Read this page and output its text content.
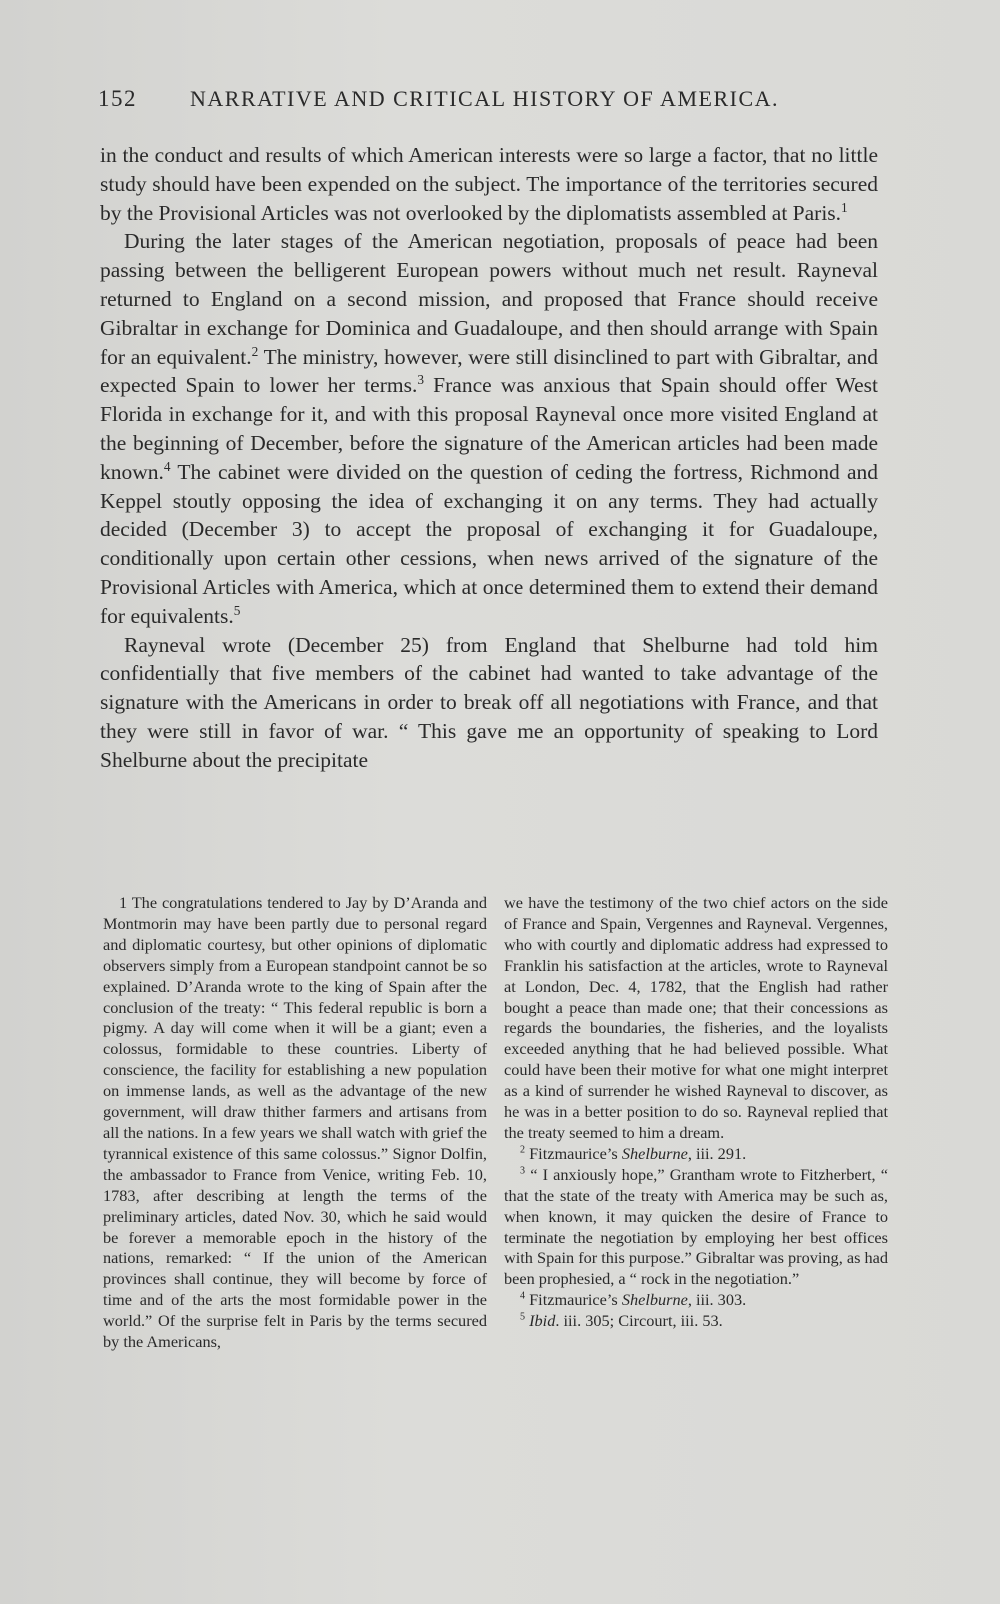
152 NARRATIVE AND CRITICAL HISTORY OF AMERICA.

in the conduct and results of which American interests were so large a factor, that no little study should have been expended on the subject. The importance of the territories secured by the Provisional Articles was not overlooked by the diplomatists assembled at Paris.$^1$

During the later stages of the American negotiation, proposals of peace had been passing between the belligerent European powers without much net result. Rayneval returned to England on a second mission, and proposed that France should receive Gibraltar in exchange for Dominica and Guadaloupe, and then should arrange with Spain for an equivalent.$^2$ The ministry, however, were still disinclined to part with Gibraltar, and expected Spain to lower her terms.$^3$ France was anxious that Spain should offer West Florida in exchange for it, and with this proposal Rayneval once more visited England at the beginning of December, before the signature of the American articles had been made known.$^4$ The cabinet were divided on the question of ceding the fortress, Richmond and Keppel stoutly opposing the idea of exchanging it on any terms. They had actually decided (December 3) to accept the proposal of exchanging it for Guadaloupe, conditionally upon certain other cessions, when news arrived of the signature of the Provisional Articles with America, which at once determined them to extend their demand for equivalents.$^5$

Rayneval wrote (December 25) from England that Shelburne had told him confidentially that five members of the cabinet had wanted to take advantage of the signature with the Americans in order to break off all negotiations with France, and that they were still in favor of war. “ This gave me an opportunity of speaking to Lord Shelburne about the precipitate

1 The congratulations tendered to Jay by D’Aranda and Montmorin may have been partly due to personal regard and diplomatic courtesy, but other opinions of diplomatic observers simply from a European standpoint cannot be so explained. D’Aranda wrote to the king of Spain after the conclusion of the treaty: “ This federal republic is born a pigmy. A day will come when it will be a giant; even a colossus, formidable to these countries. Liberty of conscience, the facility for establishing a new population on immense lands, as well as the advantage of the new government, will draw thither farmers and artisans from all the nations. In a few years we shall watch with grief the tyrannical existence of this same colossus.” Signor Dolfin, the ambassador to France from Venice, writing Feb. 10, 1783, after describing at length the terms of the preliminary articles, dated Nov. 30, which he said would be forever a memorable epoch in the history of the nations, remarked: “ If the union of the American provinces shall continue, they will become by force of time and of the arts the most formidable power in the world.” Of the surprise felt in Paris by the terms secured by the Americans,

we have the testimony of the two chief actors on the side of France and Spain, Vergennes and Rayneval. Vergennes, who with courtly and diplomatic address had expressed to Franklin his satisfaction at the articles, wrote to Rayneval at London, Dec. 4, 1782, that the English had rather bought a peace than made one; that their concessions as regards the boundaries, the fisheries, and the loyalists exceeded anything that he had believed possible. What could have been their motive for what one might interpret as a kind of surrender he wished Rayneval to discover, as he was in a better position to do so. Rayneval replied that the treaty seemed to him a dream.

$^2$ Fitzmaurice’s Shelburne, iii. 291.

$^3$ “ I anxiously hope,” Grantham wrote to Fitzherbert, “ that the state of the treaty with America may be such as, when known, it may quicken the desire of France to terminate the negotiation by employing her best offices with Spain for this purpose.” Gibraltar was proving, as had been prophesied, a “ rock in the negotiation.”

$^4$ Fitzmaurice’s Shelburne, iii. 303.

$^5$ Ibid. iii. 305; Circourt, iii. 53.
